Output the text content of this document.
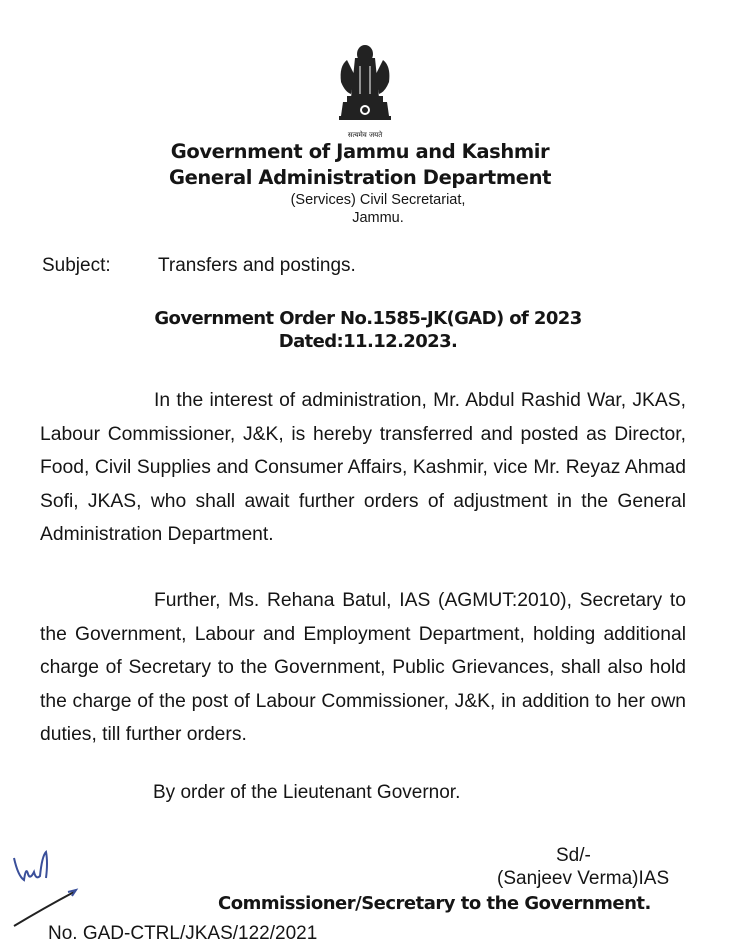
सत्यमेव जयते
Government of Jammu and Kashmir
General Administration Department
(Services) Civil Secretariat,
Jammu.
Subject: Transfers and postings.
Government Order No.1585-JK(GAD) of 2023
Dated:11.12.2023.
In the interest of administration, Mr. Abdul Rashid War, JKAS, Labour Commissioner, J&K, is hereby transferred and posted as Director, Food, Civil Supplies and Consumer Affairs, Kashmir, vice Mr. Reyaz Ahmad Sofi, JKAS, who shall await further orders of adjustment in the General Administration Department.
Further, Ms. Rehana Batul, IAS (AGMUT:2010), Secretary to the Government, Labour and Employment Department, holding additional charge of Secretary to the Government, Public Grievances, shall also hold the charge of the post of Labour Commissioner, J&K, in addition to her own duties, till further orders.
By order of the Lieutenant Governor.
Sd/-
(Sanjeev Verma)IAS
Commissioner/Secretary to the Government.
No. GAD-CTRL/JKAS/122/2021
